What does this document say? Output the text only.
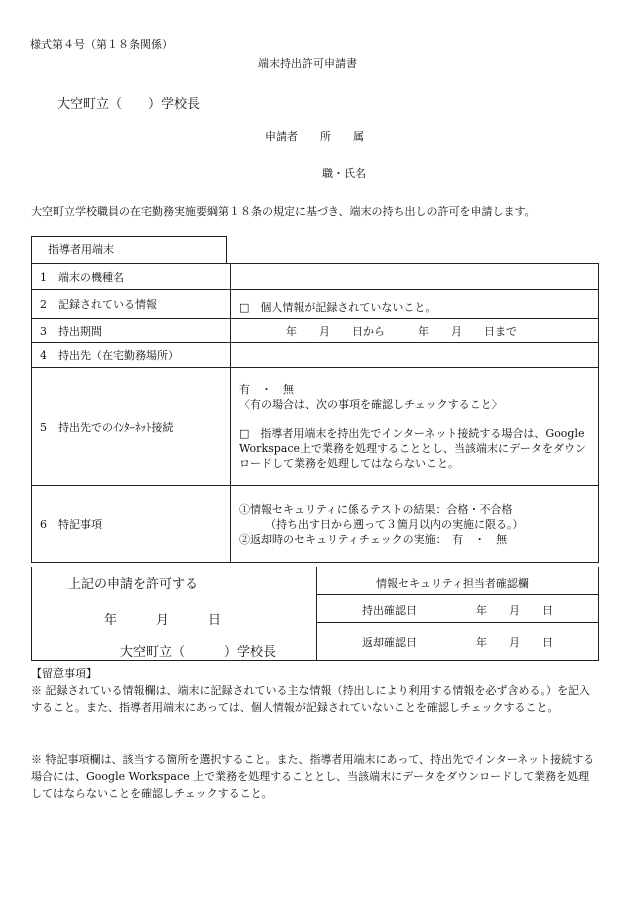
様式第４号（第１８条関係）
端末持出許可申請書
大空町立（　　）学校長
申請者　　所　　属
職・氏名
大空町立学校職員の在宅勤務実施要綱第１８条の規定に基づき、端末の持ち出しの許可を申請します。
指導者用端末
1 端末の機種名	
2 記録されている情報	□　個人情報が記録されていないこと。
3 持出期間	年　　月　　日から　　　年　　月　　日まで
4 持出先（在宅勤務場所）	
5 持出先でのｲﾝﾀｰﾈｯﾄ接続	有　・　無
〈有の場合は、次の事項を確認しチェックすること〉
□　指導者用端末を持出先でインターネット接続する場合は、Google Workspace上で業務を処理することとし、当該端末にデータをダウンロードして業務を処理してはならないこと。

6 特記事項	①情報セキュリティに係るテストの結果：合格・不合格
（持ち出す日から遡って３箇月以内の実施に限る。）
②返却時のセキュリティチェックの実施：　有　・　無
上記の申請を許可する
年　　　月　　　日
大空町立（　　　）学校長
情報セキュリティ担当者確認欄
持出確認日	年　　月　　日
返却確認日	年　　月　　日
【留意事項】
※ 記録されている情報欄は、端末に記録されている主な情報（持出しにより利用する情報を必ず含める。）を記入すること。また、指導者用端末にあっては、個人情報が記録されていないことを確認しチェックすること。
※ 特記事項欄は、該当する箇所を選択すること。また、指導者用端末にあって、持出先でインターネット接続する場合には、Google Workspace 上で業務を処理することとし、当該端末にデータをダウンロードして業務を処理してはならないことを確認しチェックすること。
